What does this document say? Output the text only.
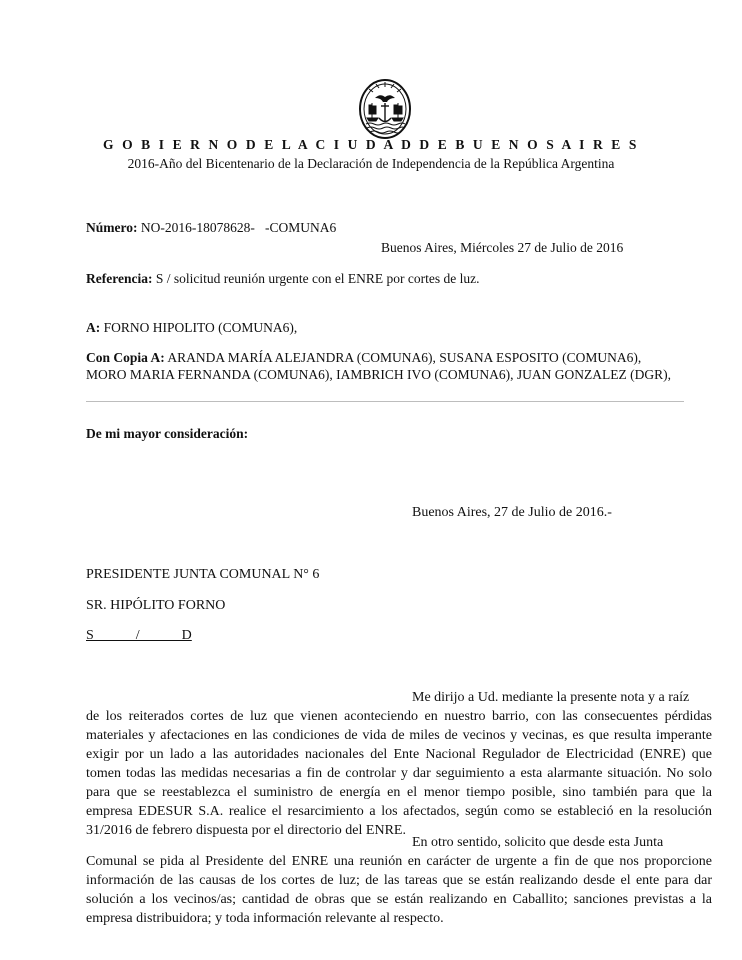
G O B I E R N O D E L A C I U D A D D E B U E N O S A I R E S
2016-Año del Bicentenario de la Declaración de Independencia de la República Argentina
Número: NO-2016-18078628-   -COMUNA6
Buenos Aires, Miércoles 27 de Julio de 2016
Referencia: S / solicitud reunión urgente con el ENRE por cortes de luz.
A: FORNO HIPOLITO (COMUNA6),
Con Copia A: ARANDA MARÍA ALEJANDRA (COMUNA6), SUSANA ESPOSITO (COMUNA6),
MORO MARIA FERNANDA (COMUNA6), IAMBRICH IVO (COMUNA6), JUAN GONZALEZ (DGR),
De mi mayor consideración:
Buenos Aires, 27 de Julio de 2016.-
PRESIDENTE JUNTA COMUNAL N° 6
SR. HIPÓLITO FORNO
S            /            D
Me dirijo a Ud. mediante la presente nota y a raíz
de los reiterados cortes de luz que vienen aconteciendo en nuestro barrio, con las consecuentes pérdidas
materiales y afectaciones en las condiciones de vida de miles de vecinos y vecinas, es que resulta imperante
exigir por un lado a las autoridades nacionales del Ente Nacional Regulador de Electricidad (ENRE) que
tomen todas las medidas necesarias a fin de controlar y dar seguimiento a esta alarmante situación. No solo
para que se reestablezca el suministro de energía en el menor tiempo posible, sino también para que la
empresa EDESUR S.A. realice el resarcimiento a los afectados, según como se estableció en la resolución
31/2016 de febrero dispuesta por el directorio del ENRE.
En otro sentido, solicito que desde esta Junta
Comunal se pida al Presidente del ENRE una reunión en carácter de urgente a fin de que nos proporcione
información de las causas de los cortes de luz; de las tareas que se están realizando desde el ente para dar
solución a los vecinos/as; cantidad de obras que se están realizando en Caballito; sanciones previstas a la
empresa distribuidora; y toda información relevante al respecto.
